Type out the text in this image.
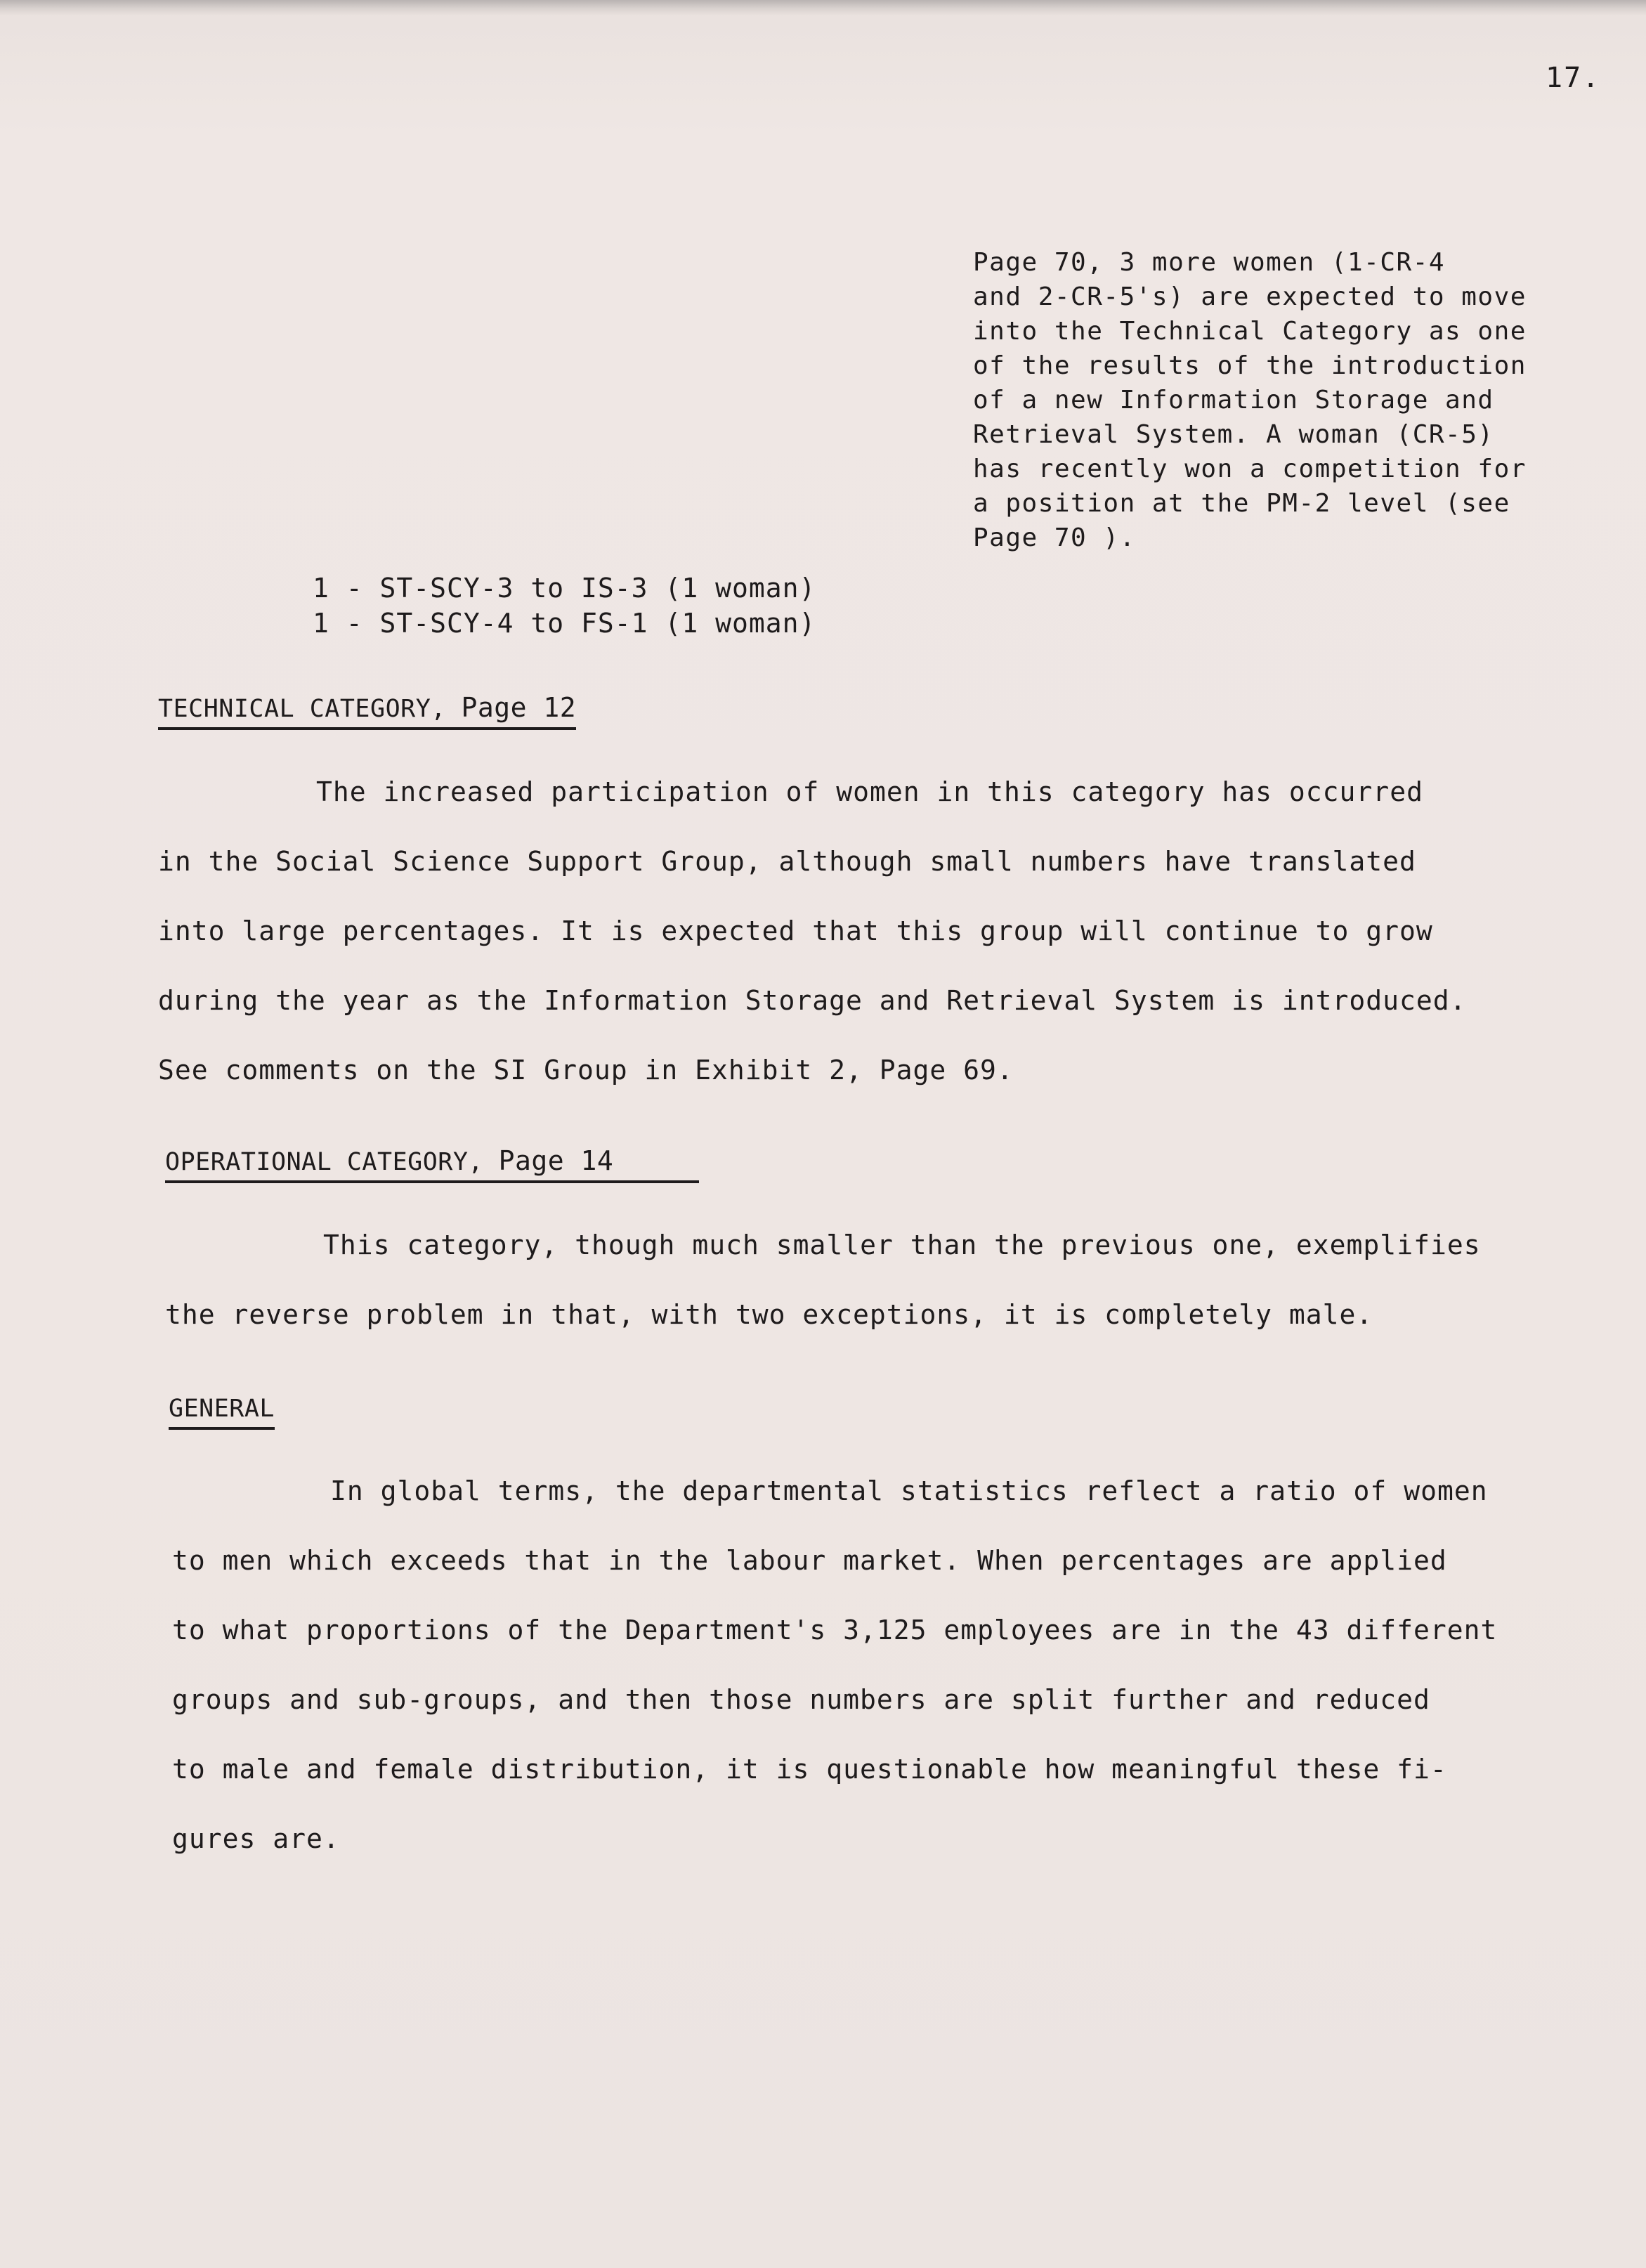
17.

Page 70, 3 more women (1-CR-4
and 2-CR-5's) are expected to move
into the Technical Category as one
of the results of the introduction
of a new Information Storage and
Retrieval System. A woman (CR-5)
has recently won a competition for
a position at the PM-2 level (see
Page 70 ).

1 - ST-SCY-3 to IS-3 (1 woman)
1 - ST-SCY-4 to FS-1 (1 woman)
TECHNICAL CATEGORY, Page 12
The increased participation of women in this category has occurred
in the Social Science Support Group, although small numbers have translated
into large percentages. It is expected that this group will continue to grow
during the year as the Information Storage and Retrieval System is introduced.
See comments on the SI Group in Exhibit 2, Page 69.
OPERATIONAL CATEGORY, Page 14
This category, though much smaller than the previous one, exemplifies
the reverse problem in that, with two exceptions, it is completely male.
GENERAL
In global terms, the departmental statistics reflect a ratio of women
to men which exceeds that in the labour market. When percentages are applied
to what proportions of the Department's 3,125 employees are in the 43 different
groups and sub-groups, and then those numbers are split further and reduced
to male and female distribution, it is questionable how meaningful these fi-
gures are.
